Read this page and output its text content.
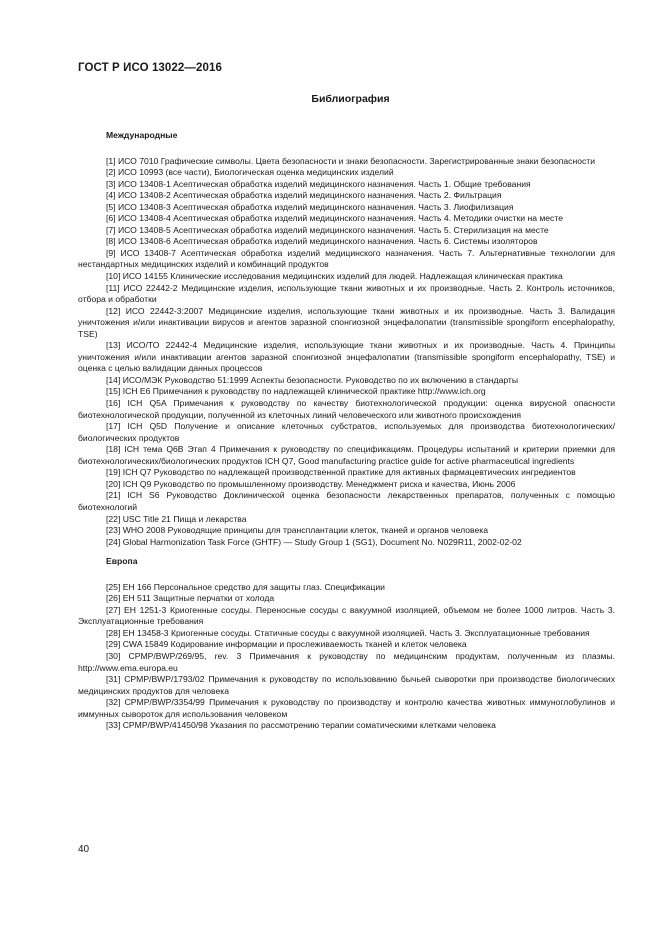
ГОСТ Р ИСО 13022—2016
Библиография
Международные

[1] ИСО 7010 Графические символы. Цвета безопасности и знаки безопасности. Зарегистрированные знаки безопасности

[2] ИСО 10993 (все части), Биологическая оценка медицинских изделий

[3] ИСО 13408-1 Асептическая обработка изделий медицинского назначения. Часть 1. Общие требования

[4] ИСО 13408-2 Асептическая обработка изделий медицинского назначения. Часть 2. Фильтрация

[5] ИСО 13408-3 Асептическая обработка изделий медицинского назначения. Часть 3. Лиофилизация

[6] ИСО 13408-4 Асептическая обработка изделий медицинского назначения. Часть 4. Методики очистки на месте

[7] ИСО 13408-5 Асептическая обработка изделий медицинского назначения. Часть 5. Стерилизация на месте

[8] ИСО 13408-6 Асептическая обработка изделий медицинского назначения. Часть 6. Системы изоляторов

[9] ИСО 13408-7 Асептическая обработка изделий медицинского назначения. Часть 7. Альтернативные технологии для нестандартных медицинских изделий и комбинаций продуктов

[10] ИСО 14155 Клинические исследования медицинских изделий для людей. Надлежащая клиническая практика

[11] ИСО 22442-2 Медицинские изделия, использующие ткани животных и их производные. Часть 2. Контроль источников, отбора и обработки

[12] ИСО 22442-3:2007 Медицинские изделия, использующие ткани животных и их производные. Часть 3. Валидация уничтожения и/или инактивации вирусов и агентов заразной спонгиозной энцефалопатии (transmissible spongiform encephalopathy, TSE)

[13] ИСО/ТО 22442-4 Медицинские изделия, использующие ткани животных и их производные. Часть 4. Принципы уничтожения и/или инактивации агентов заразной спонгиозной энцефалопатии (transmissible spongiform encephalopathy, TSE) и оценка с целью валидации данных процессов

[14] ИСО/МЭК Руководство 51:1999 Аспекты безопасности. Руководство по их включению в стандарты

[15] ICH E6 Примечания к руководству по надлежащей клинической практике http://www.ich.org

[16] ICH Q5A Примечания к руководству по качеству биотехнологической продукции: оценка вирусной опасности биотехнологической продукции, полученной из клеточных линий человеческого или животного происхождения

[17] ICH Q5D Получение и описание клеточных субстратов, используемых для производства биотехнологических/биологических продуктов

[18] ICH тема Q6B Этап 4 Примечания к руководству по спецификациям. Процедуры испытаний и критерии приемки для биотехнологических/биологических продуктов ICH Q7, Good manufacturing practice guide for active pharmaceutical ingredients

[19] ICH Q7 Руководство по надлежащей производственной практике для активных фармацевтических ингредиентов

[20] ICH Q9 Руководство по промышленному производству. Менеджмент риска и качества, Июнь 2006

[21] ICH S6 Руководство Доклинической оценка безопасности лекарственных препаратов, полученных с помощью биотехнологий

[22] USC Title 21 Пища и лекарства

[23] WHO 2008 Руководящие принципы для трансплантации клеток, тканей и органов человека

[24] Global Harmonization Task Force (GHTF) — Study Group 1 (SG1), Document No. N029R11, 2002-02-02

Европа

[25] ЕН 166 Персональное средство для защиты глаз. Спецификации

[26] ЕН 511 Защитные перчатки от холода

[27] ЕН 1251-3 Криогенные сосуды. Переносные сосуды с вакуумной изоляцией, объемом не более 1000 литров. Часть 3. Эксплуатационные требования

[28] ЕН 13458-3 Криогенные сосуды. Статичные сосуды с вакуумной изоляцией. Часть 3. Эксплуатационные требования

[29] CWA 15849 Кодирование информации и прослеживаемость тканей и клеток человека

[30] CPMP/BWP/269/95, rev. 3 Примечания к руководству по медицинским продуктам, полученным из плазмы. http://www.ema.europa.eu

[31] CPMP/BWP/1793/02 Примечания к руководству по использованию бычьей сыворотки при производстве биологических медицинских продуктов для человека

[32] CPMP/BWP/3354/99 Примечания к руководству по производству и контролю качества животных иммуноглобулинов и иммунных сывороток для использования человеком

[33] CPMP/BWP/41450/98 Указания по рассмотрению терапии соматическими клетками человека

40
